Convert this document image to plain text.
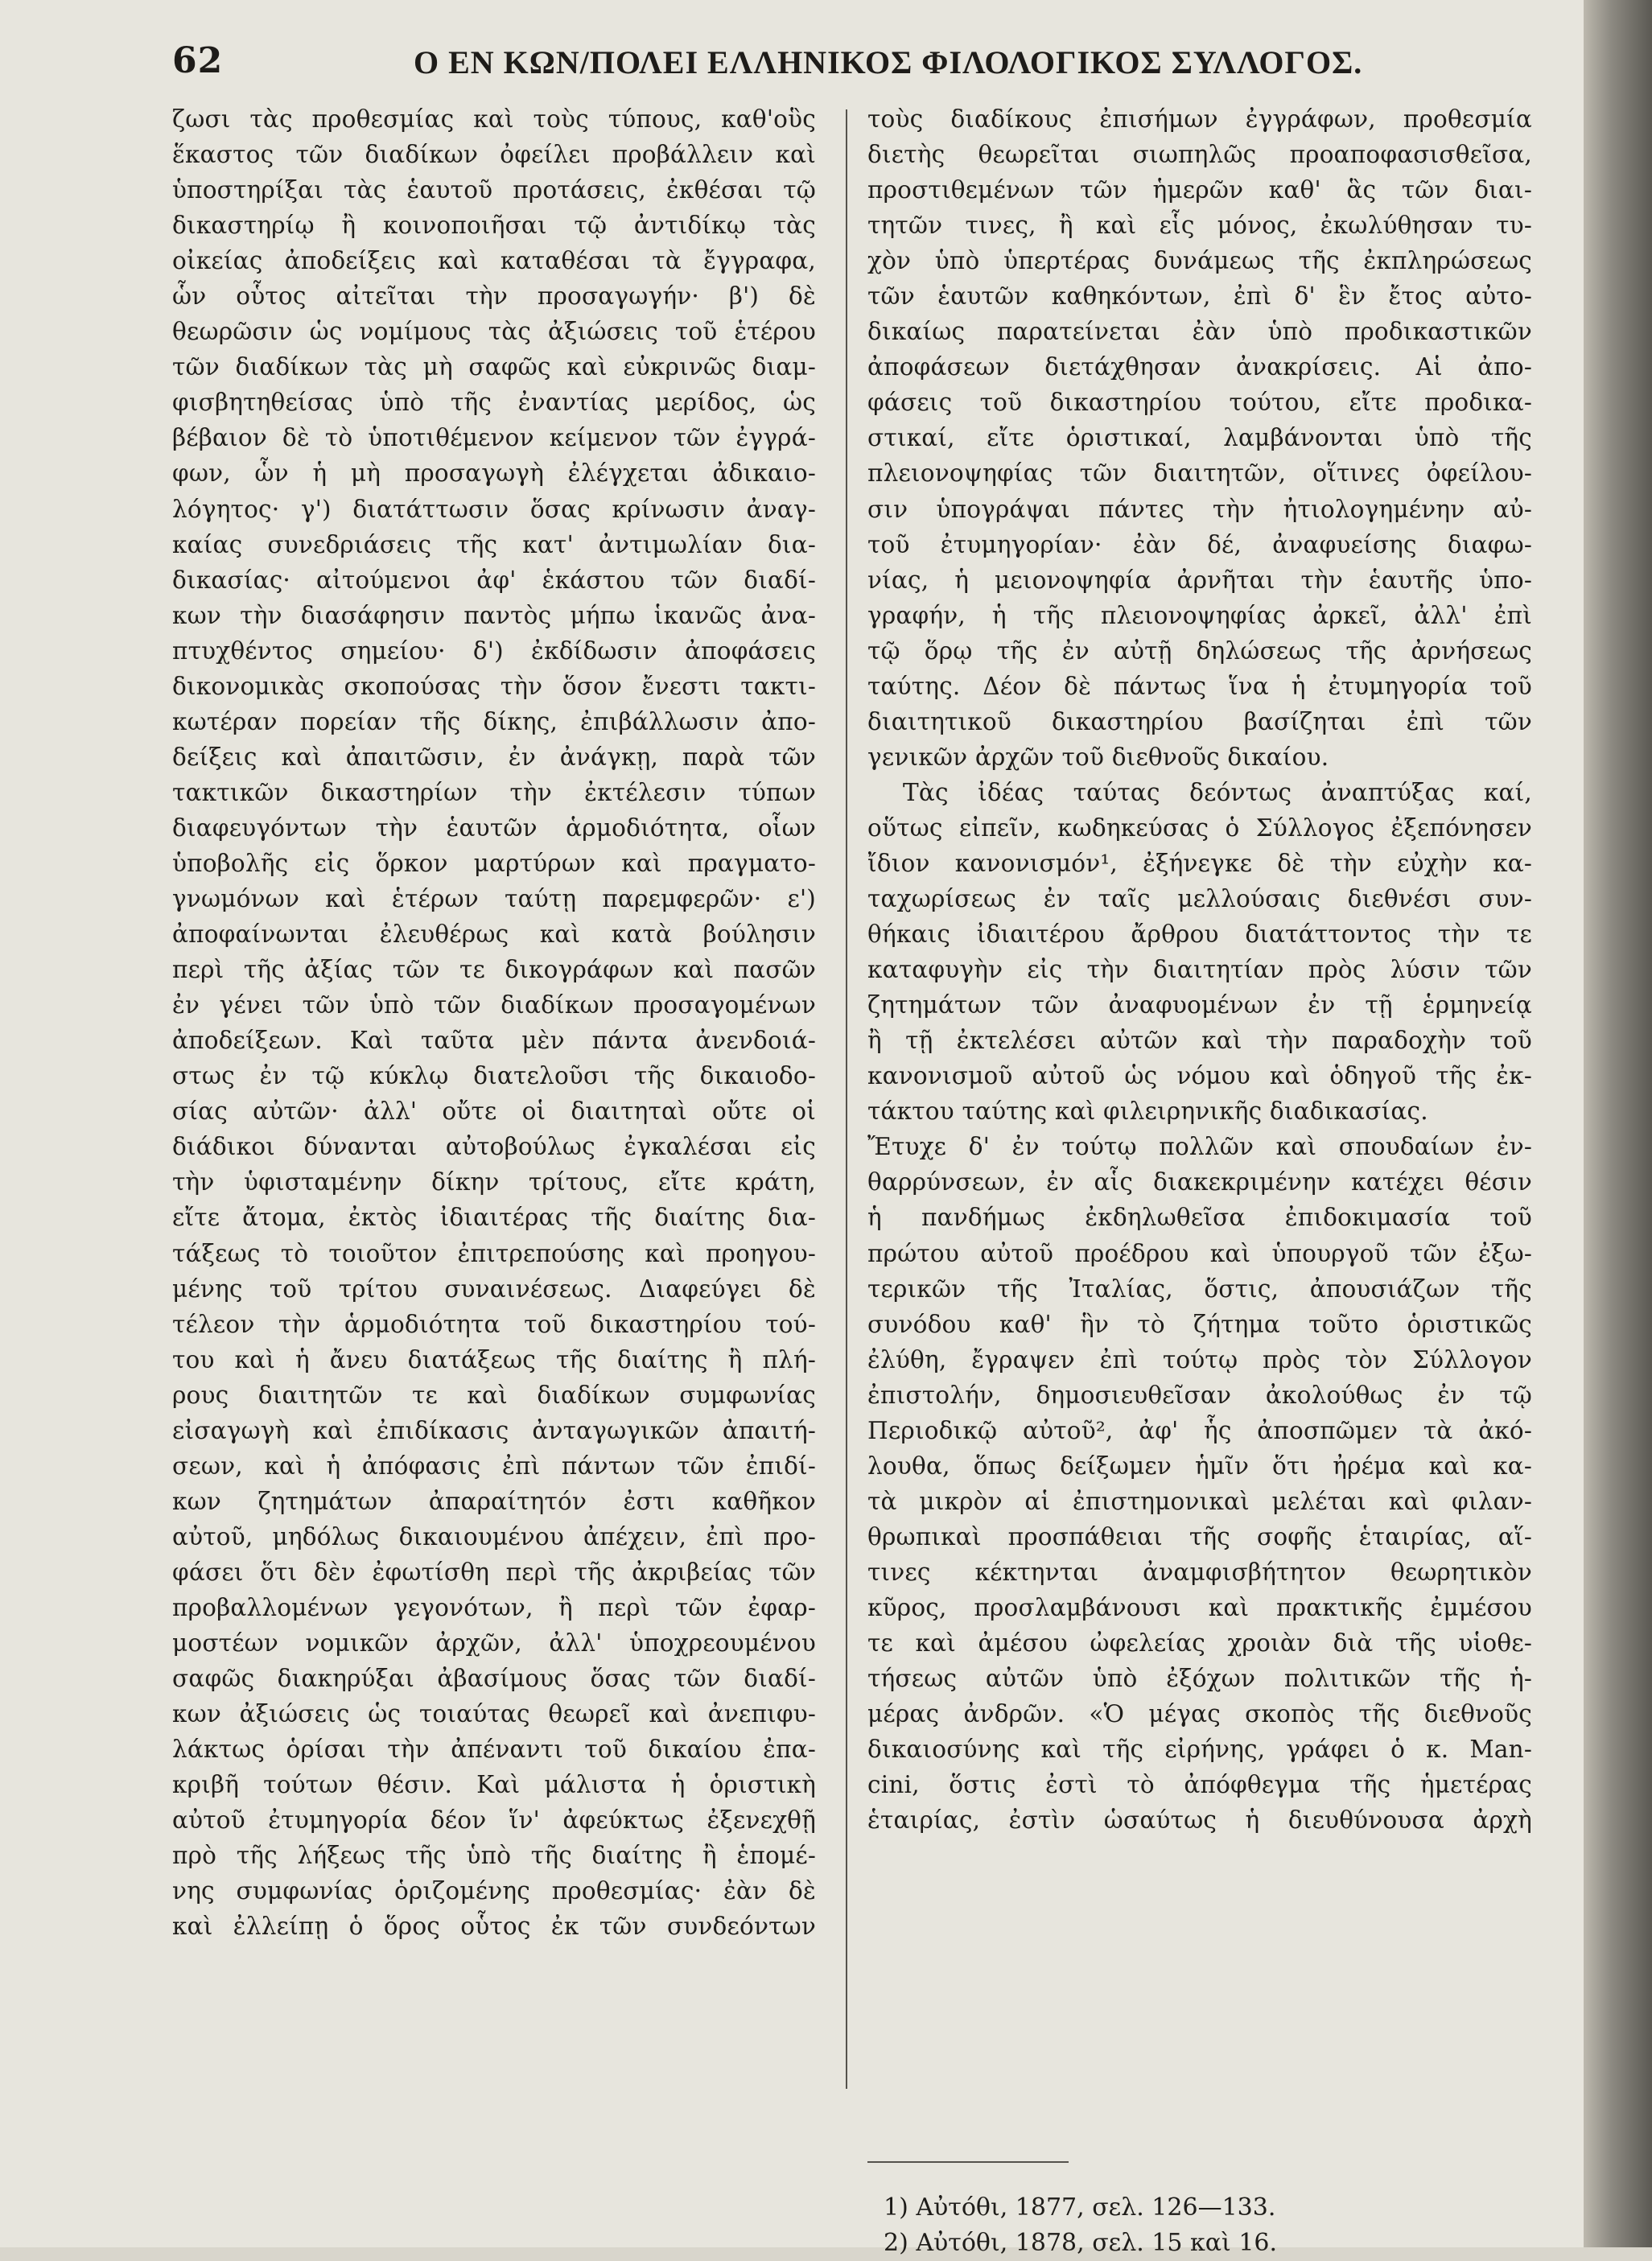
62	Ο ΕΝ ΚΩΝ/ΠΟΛΕΙ ΕΛΛΗΝΙΚΟΣ ΦΙΛΟΛΟΓΙΚΟΣ ΣΥΛΛΟΓΟΣ.
ζωσι τὰς προθεσμίας καὶ τοὺς τύπους, καθ'οὓς
ἕκαστος τῶν διαδίκων ὀφείλει προβάλλειν καὶ
ὑποστηρίξαι τὰς ἑαυτοῦ προτάσεις, ἐκθέσαι τῷ
δικαστηρίῳ ἢ κοινοποιῆσαι τῷ ἀντιδίκῳ τὰς
οἰκείας ἀποδείξεις καὶ καταθέσαι τὰ ἔγγραφα,
ὧν οὗτος αἰτεῖται τὴν προσαγωγήν· β') δὲ
θεωρῶσιν ὡς νομίμους τὰς ἀξιώσεις τοῦ ἑτέρου
τῶν διαδίκων τὰς μὴ σαφῶς καὶ εὐκρινῶς διαμ-
φισβητηθείσας ὑπὸ τῆς ἐναντίας μερίδος, ὡς
βέβαιον δὲ τὸ ὑποτιθέμενον κείμενον τῶν ἐγγρά-
φων, ὧν ἡ μὴ προσαγωγὴ ἐλέγχεται ἀδικαιο-
λόγητος· γ') διατάττωσιν ὅσας κρίνωσιν ἀναγ-
καίας συνεδριάσεις τῆς κατ' ἀντιμωλίαν δια-
δικασίας· αἰτούμενοι ἀφ' ἑκάστου τῶν διαδί-
κων τὴν διασάφησιν παντὸς μήπω ἱκανῶς ἀνα-
πτυχθέντος σημείου· δ') ἐκδίδωσιν ἀποφάσεις
δικονομικὰς σκοπούσας τὴν ὅσον ἔνεστι τακτι-
κωτέραν πορείαν τῆς δίκης, ἐπιβάλλωσιν ἀπο-
δείξεις καὶ ἀπαιτῶσιν, ἐν ἀνάγκῃ, παρὰ τῶν
τακτικῶν δικαστηρίων τὴν ἐκτέλεσιν τύπων
διαφευγόντων τὴν ἑαυτῶν ἁρμοδιότητα, οἷων
ὑποβολῆς εἰς ὅρκον μαρτύρων καὶ πραγματο-
γνωμόνων καὶ ἑτέρων ταύτῃ παρεμφερῶν· ε')
ἀποφαίνωνται ἐλευθέρως καὶ κατὰ βούλησιν
περὶ τῆς ἀξίας τῶν τε δικογράφων καὶ πασῶν
ἐν γένει τῶν ὑπὸ τῶν διαδίκων προσαγομένων
ἀποδείξεων. Καὶ ταῦτα μὲν πάντα ἀνενδοιά-
στως ἐν τῷ κύκλῳ διατελοῦσι τῆς δικαιοδο-
σίας αὐτῶν· ἀλλ' οὔτε οἱ διαιτηταὶ οὔτε οἱ
διάδικοι δύνανται αὐτοβούλως ἐγκαλέσαι εἰς
τὴν ὑφισταμένην δίκην τρίτους, εἴτε κράτη,
εἴτε ἄτομα, ἐκτὸς ἰδιαιτέρας τῆς διαίτης δια-
τάξεως τὸ τοιοῦτον ἐπιτρεπούσης καὶ προηγου-
μένης τοῦ τρίτου συναινέσεως. Διαφεύγει δὲ
τέλεον τὴν ἁρμοδιότητα τοῦ δικαστηρίου τού-
του καὶ ἡ ἄνευ διατάξεως τῆς διαίτης ἢ πλή-
ρους διαιτητῶν τε καὶ διαδίκων συμφωνίας
εἰσαγωγὴ καὶ ἐπιδίκασις ἀνταγωγικῶν ἀπαιτή-
σεων, καὶ ἡ ἀπόφασις ἐπὶ πάντων τῶν ἐπιδί-
κων ζητημάτων ἀπαραίτητόν ἐστι καθῆκον
αὐτοῦ, μηδόλως δικαιουμένου ἀπέχειν, ἐπὶ προ-
φάσει ὅτι δὲν ἐφωτίσθη περὶ τῆς ἀκριβείας τῶν
προβαλλομένων γεγονότων, ἢ περὶ τῶν ἐφαρ-
μοστέων νομικῶν ἀρχῶν, ἀλλ' ὑποχρεουμένου
σαφῶς διακηρύξαι ἀβασίμους ὅσας τῶν διαδί-
κων ἀξιώσεις ὡς τοιαύτας θεωρεῖ καὶ ἀνεπιφυ-
λάκτως ὁρίσαι τὴν ἀπέναντι τοῦ δικαίου ἐπα-
κριβῆ τούτων θέσιν. Καὶ μάλιστα ἡ ὁριστικὴ
αὐτοῦ ἐτυμηγορία δέον ἵν' ἀφεύκτως ἐξενεχθῇ
πρὸ τῆς λήξεως τῆς ὑπὸ τῆς διαίτης ἢ ἑπομέ-
νης συμφωνίας ὁριζομένης προθεσμίας· ἐὰν δὲ
καὶ ἐλλείπῃ ὁ ὅρος οὗτος ἐκ τῶν συνδεόντων
τοὺς διαδίκους ἐπισήμων ἐγγράφων, προθεσμία
διετὴς θεωρεῖται σιωπηλῶς προαποφασισθεῖσα,
προστιθεμένων τῶν ἡμερῶν καθ' ἃς τῶν διαι-
τητῶν τινες, ἢ καὶ εἷς μόνος, ἐκωλύθησαν τυ-
χὸν ὑπὸ ὑπερτέρας δυνάμεως τῆς ἐκπληρώσεως
τῶν ἑαυτῶν καθηκόντων, ἐπὶ δ' ἓν ἔτος αὐτο-
δικαίως παρατείνεται ἐὰν ὑπὸ προδικαστικῶν
ἀποφάσεων διετάχθησαν ἀνακρίσεις. Αἱ ἀπο-
φάσεις τοῦ δικαστηρίου τούτου, εἴτε προδικα-
στικαί, εἴτε ὁριστικαί, λαμβάνονται ὑπὸ τῆς
πλειονοψηφίας τῶν διαιτητῶν, οἵτινες ὀφείλου-
σιν ὑπογράψαι πάντες τὴν ἠτιολογημένην αὐ-
τοῦ ἐτυμηγορίαν· ἐὰν δέ, ἀναφυείσης διαφω-
νίας, ἡ μειονοψηφία ἀρνῆται τὴν ἑαυτῆς ὑπο-
γραφήν, ἡ τῆς πλειονοψηφίας ἀρκεῖ, ἀλλ' ἐπὶ
τῷ ὅρῳ τῆς ἐν αὐτῇ δηλώσεως τῆς ἀρνήσεως
ταύτης. Δέον δὲ πάντως ἵνα ἡ ἐτυμηγορία τοῦ
διαιτητικοῦ δικαστηρίου βασίζηται ἐπὶ τῶν
γενικῶν ἀρχῶν τοῦ διεθνοῦς δικαίου.
Τὰς ἰδέας ταύτας δεόντως ἀναπτύξας καί,
οὕτως εἰπεῖν, κωδηκεύσας ὁ Σύλλογος ἐξεπόνησεν
ἴδιον κανονισμόν¹, ἐξήνεγκε δὲ τὴν εὐχὴν κα-
ταχωρίσεως ἐν ταῖς μελλούσαις διεθνέσι συν-
θήκαις ἰδιαιτέρου ἄρθρου διατάττοντος τὴν τε
καταφυγὴν εἰς τὴν διαιτητίαν πρὸς λύσιν τῶν
ζητημάτων τῶν ἀναφυομένων ἐν τῇ ἑρμηνείᾳ
ἢ τῇ ἐκτελέσει αὐτῶν καὶ τὴν παραδοχὴν τοῦ
κανονισμοῦ αὐτοῦ ὡς νόμου καὶ ὁδηγοῦ τῆς ἐκ-
τάκτου ταύτης καὶ φιλειρηνικῆς διαδικασίας.
Ἔτυχε δ' ἐν τούτῳ πολλῶν καὶ σπουδαίων ἐν-
θαρρύνσεων, ἐν αἷς διακεκριμένην κατέχει θέσιν
ἡ πανδήμως ἐκδηλωθεῖσα ἐπιδοκιμασία τοῦ
πρώτου αὐτοῦ προέδρου καὶ ὑπουργοῦ τῶν ἐξω-
τερικῶν τῆς Ἰταλίας, ὅστις, ἀπουσιάζων τῆς
συνόδου καθ' ἣν τὸ ζήτημα τοῦτο ὁριστικῶς
ἐλύθη, ἔγραψεν ἐπὶ τούτῳ πρὸς τὸν Σύλλογον
ἐπιστολήν, δημοσιευθεῖσαν ἀκολούθως ἐν τῷ
Περιοδικῷ αὐτοῦ², ἀφ' ἧς ἀποσπῶμεν τὰ ἀκό-
λουθα, ὅπως δείξωμεν ἡμῖν ὅτι ἠρέμα καὶ κα-
τὰ μικρὸν αἱ ἐπιστημονικαὶ μελέται καὶ φιλαν-
θρωπικαὶ προσπάθειαι τῆς σοφῆς ἑταιρίας, αἵ-
τινες κέκτηνται ἀναμφισβήτητον θεωρητικὸν
κῦρος, προσλαμβάνουσι καὶ πρακτικῆς ἐμμέσου
τε καὶ ἀμέσου ὠφελείας χροιὰν διὰ τῆς υἱοθε-
τήσεως αὐτῶν ὑπὸ ἐξόχων πολιτικῶν τῆς ἡ-
μέρας ἀνδρῶν. «Ὁ μέγας σκοπὸς τῆς διεθνοῦς
δικαιοσύνης καὶ τῆς εἰρήνης, γράφει ὁ κ. Man-
cini, ὅστις ἐστὶ τὸ ἀπόφθεγμα τῆς ἡμετέρας
ἑταιρίας, ἐστὶν ὡσαύτως ἡ διευθύνουσα ἀρχὴ
1) Αὐτόθι, 1877, σελ. 126—133.
2) Αὐτόθι, 1878, σελ. 15 καὶ 16.
